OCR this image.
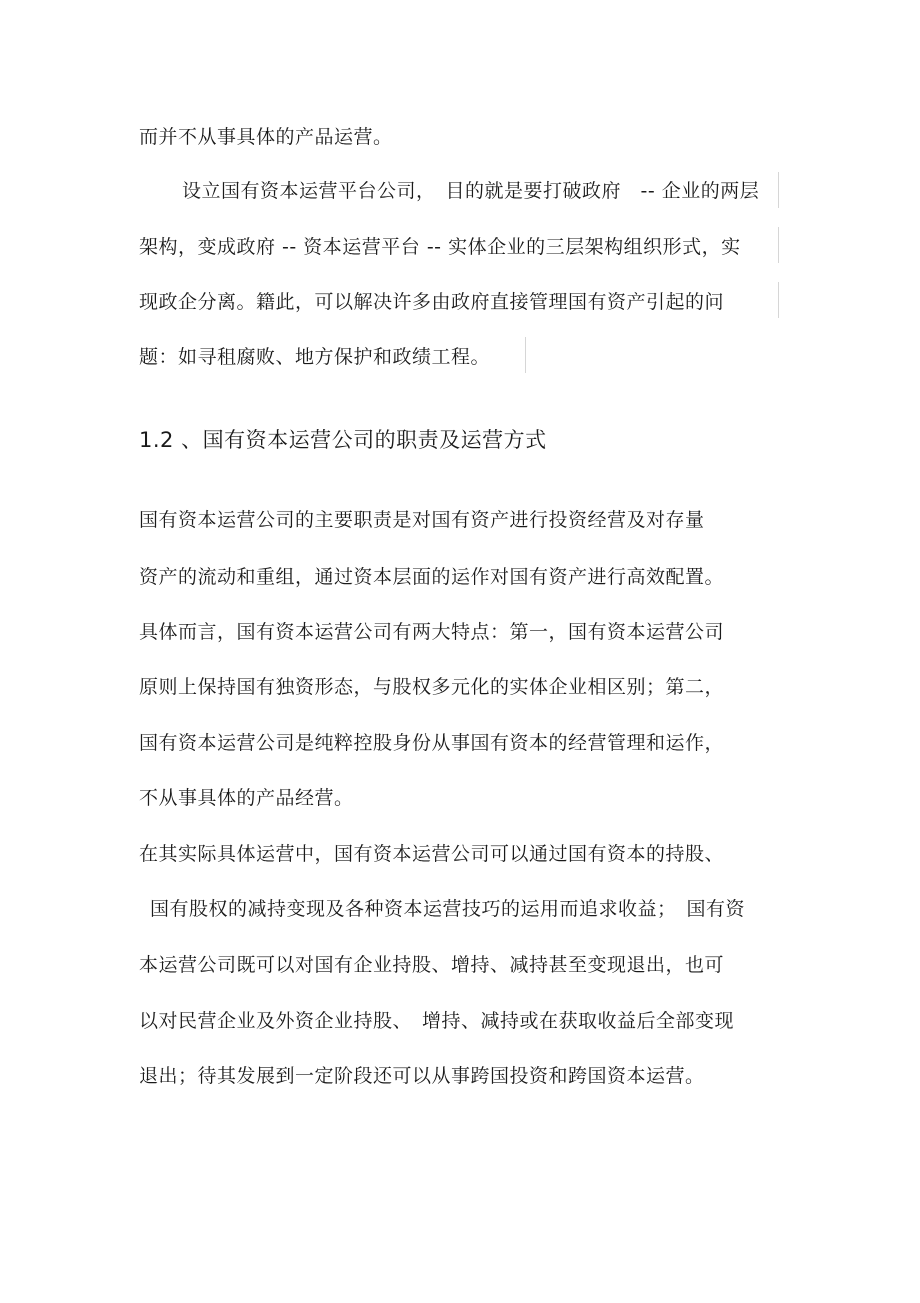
而并不从事具体的产品运营。
设立国有资本运营平台公司，　目的就是要打破政府　-- 企业的两层
架构，变成政府 -- 资本运营平台 -- 实体企业的三层架构组织形式，实
现政企分离。籍此，可以解决许多由政府直接管理国有资产引起的问
题：如寻租腐败、地方保护和政绩工程。
1.2 、国有资本运营公司的职责及运营方式
国有资本运营公司的主要职责是对国有资产进行投资经营及对存量
资产的流动和重组，通过资本层面的运作对国有资产进行高效配置。
具体而言，国有资本运营公司有两大特点：第一，国有资本运营公司
原则上保持国有独资形态，与股权多元化的实体企业相区别；第二，
国有资本运营公司是纯粹控股身份从事国有资本的经营管理和运作，
不从事具体的产品经营。
在其实际具体运营中，国有资本运营公司可以通过国有资本的持股、
国有股权的减持变现及各种资本运营技巧的运用而追求收益；　国有资
本运营公司既可以对国有企业持股、增持、减持甚至变现退出，也可
以对民营企业及外资企业持股、　增持、减持或在获取收益后全部变现
退出；待其发展到一定阶段还可以从事跨国投资和跨国资本运营。
